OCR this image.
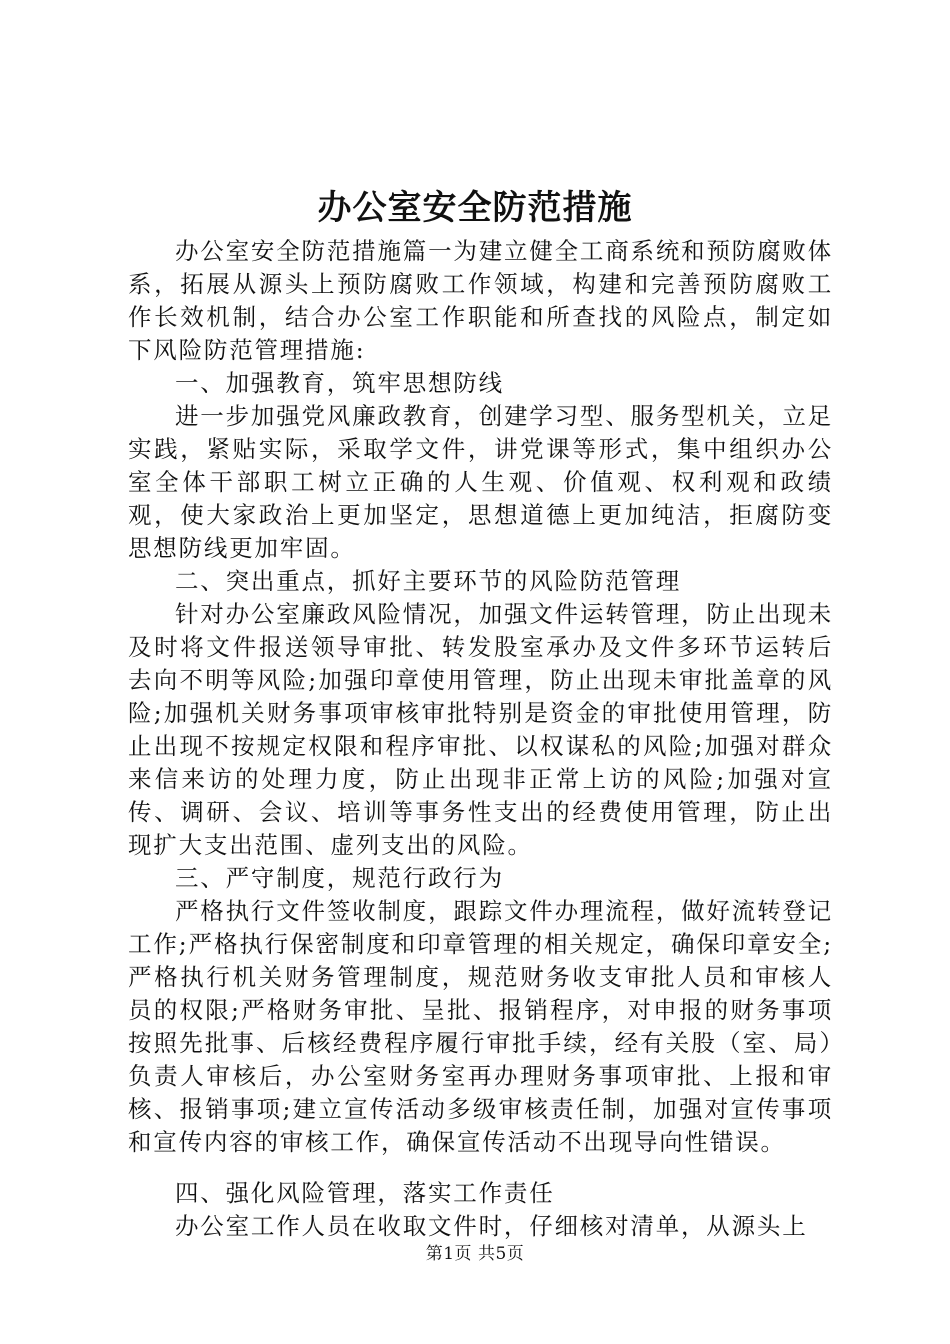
办公室安全防范措施

办公室安全防范措施篇一为建立健全工商系统和预防腐败体系，拓展从源头上预防腐败工作领域，构建和完善预防腐败工作长效机制，结合办公室工作职能和所查找的风险点，制定如下风险防范管理措施:

一、加强教育，筑牢思想防线

进一步加强党风廉政教育，创建学习型、服务型机关，立足实践，紧贴实际，采取学文件，讲党课等形式，集中组织办公室全体干部职工树立正确的人生观、价值观、权利观和政绩观，使大家政治上更加坚定，思想道德上更加纯洁，拒腐防变思想防线更加牢固。

二、突出重点，抓好主要环节的风险防范管理

针对办公室廉政风险情况，加强文件运转管理，防止出现未及时将文件报送领导审批、转发股室承办及文件多环节运转后去向不明等风险;加强印章使用管理，防止出现未审批盖章的风险;加强机关财务事项审核审批特别是资金的审批使用管理，防止出现不按规定权限和程序审批、以权谋私的风险;加强对群众来信来访的处理力度，防止出现非正常上访的风险;加强对宣传、调研、会议、培训等事务性支出的经费使用管理，防止出现扩大支出范围、虚列支出的风险。

三、严守制度，规范行政行为

严格执行文件签收制度，跟踪文件办理流程，做好流转登记工作;严格执行保密制度和印章管理的相关规定，确保印章安全;严格执行机关财务管理制度，规范财务收支审批人员和审核人员的权限;严格财务审批、呈批、报销程序，对申报的财务事项按照先批事、后核经费程序履行审批手续，经有关股（室、局）负责人审核后，办公室财务室再办理财务事项审批、上报和审核、报销事项;建立宣传活动多级审核责任制，加强对宣传事项和宣传内容的审核工作，确保宣传活动不出现导向性错误。

四、强化风险管理，落实工作责任

办公室工作人员在收取文件时，仔细核对清单，从源头上

第1页 共5页
